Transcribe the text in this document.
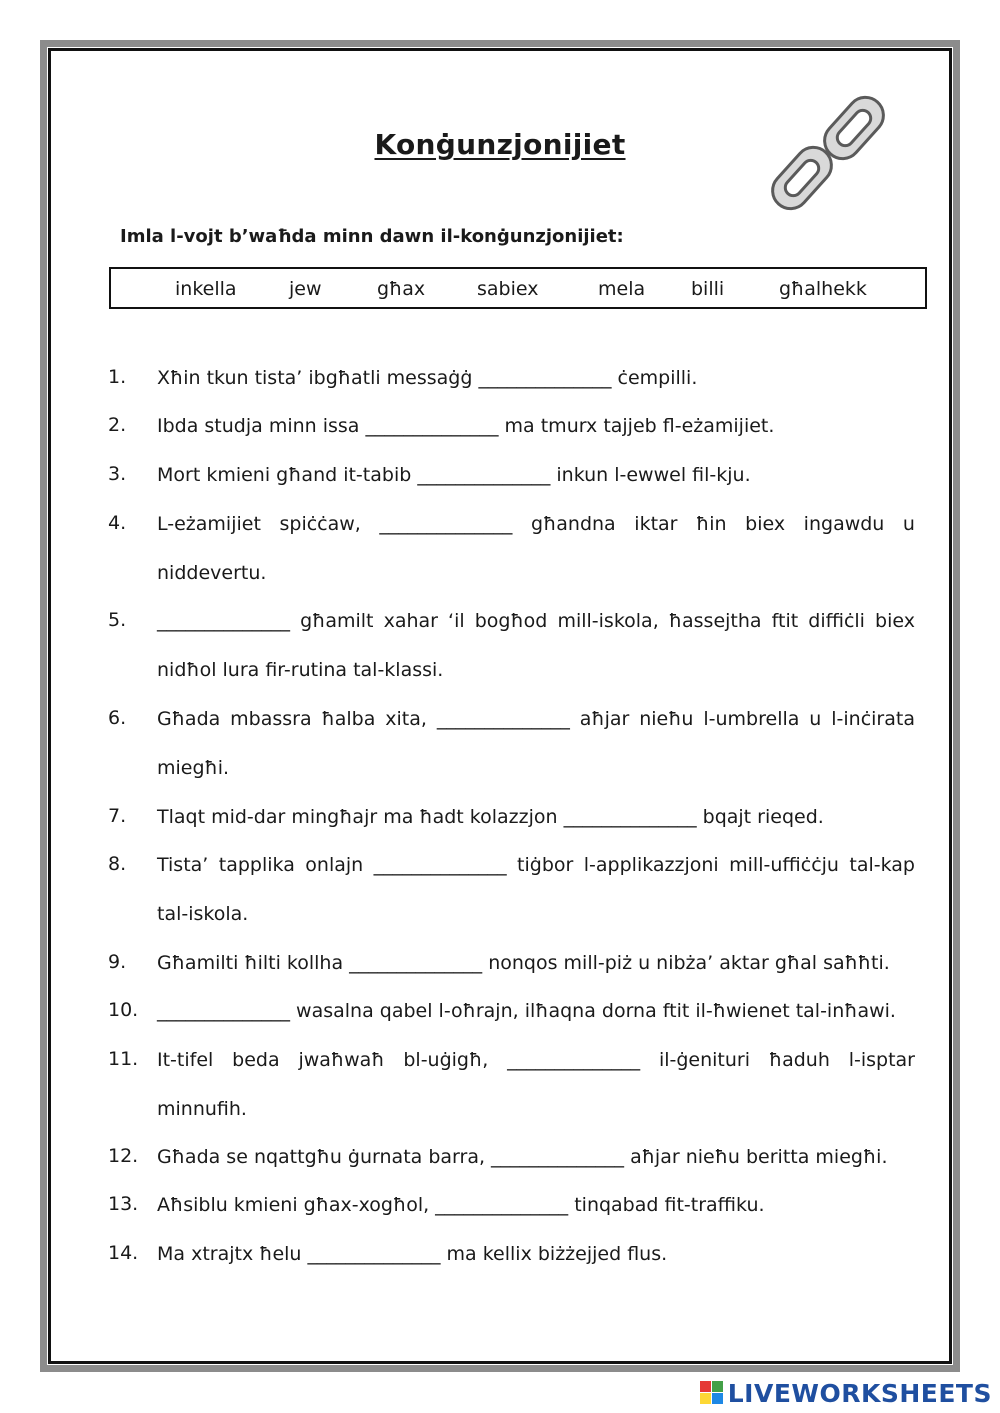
Konġunzjonijiet
Imla l-vojt b’waħda minn dawn il-konġunzjonijiet:
inkella	jew	għax	sabiex	mela billi	għalhekk
1. Xħin tkun tista’ ibgħatli messaġġ ______________ ċempilli.
2. Ibda studja minn issa ______________ ma tmurx tajjeb fl-eżamijiet.
3. Mort kmieni għand it-tabib ______________ inkun l-ewwel fil-kju.
4. L-eżamijiet spiċċaw, ______________ għandna iktar ħin biex ingawdu u niddevertu.
5. ______________ għamilt xahar ‘il bogħod mill-iskola, ħassejtha ftit diffiċli biex nidħol lura fir-rutina tal-klassi.
6. Għada mbassra ħalba xita, ______________ aħjar nieħu l-umbrella u l-inċirata miegħi.
7. Tlaqt mid-dar mingħajr ma ħadt kolazzjon ______________ bqajt rieqed.
8. Tista’ tapplika onlajn ______________ tiġbor l-applikazzjoni mill-uffiċċju tal-kap tal-iskola.
9. Għamilti ħilti kollha ______________ nonqos mill-piż u nibża’ aktar għal saħħti.
10. ______________ wasalna qabel l-oħrajn, ilħaqna dorna ftit il-ħwienet tal-inħawi.
11. It-tifel beda jwaħwaħ bl-uġigħ, ______________ il-ġenituri ħaduh l-isptar minnufih.
12. Għada se nqattgħu ġurnata barra, ______________ aħjar nieħu beritta miegħi.
13. Aħsiblu kmieni għax-xogħol, ______________ tinqabad fit-traffiku.
14. Ma xtrajtx ħelu ______________ ma kellix biżżejjed flus.
LIVEWORKSHEETS
